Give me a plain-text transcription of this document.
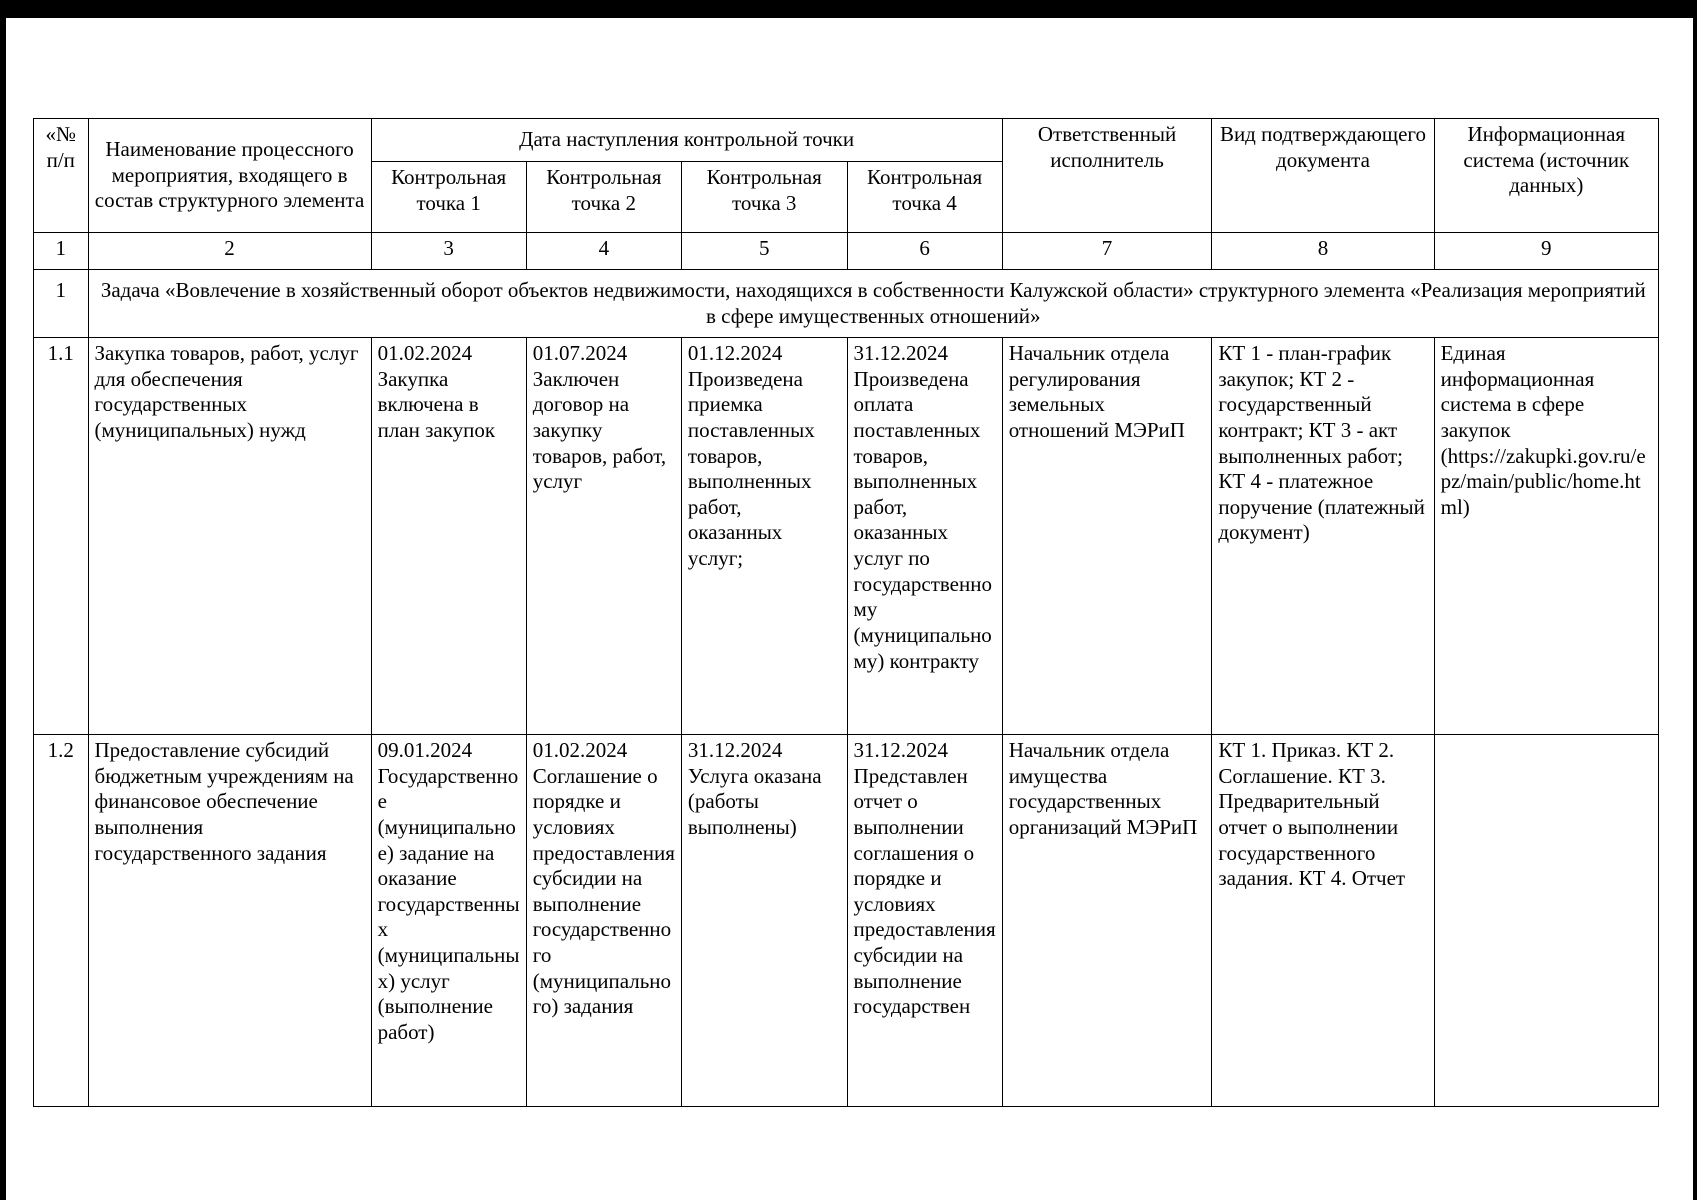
«№ п/п	Наименование процессного мероприятия, входящего в состав структурного элемента	Дата наступления контрольной точки				Ответственный исполнитель	Вид подтверждающего документа	Информационная система (источник данных)
		Контрольная точка 1	Контрольная точка 2	Контрольная точка 3	Контрольная точка 4			
1	2	3	4	5	6	7	8	9
1	Задача «Вовлечение в хозяйственный оборот объектов недвижимости, находящихся в собственности Калужской области» структурного элемента «Реализация мероприятий в сфере имущественных отношений»							
1.1	Закупка товаров, работ, услуг для обеспечения государственных (муниципальных) нужд	01.02.2024 Закупка включена в план закупок	01.07.2024 Заключен договор на закупку товаров, работ, услуг	01.12.2024 Произведена приемка поставленных товаров, выполненных работ, оказанных услуг;	31.12.2024 Произведена оплата поставленных товаров, выполненных работ, оказанных услуг по государственному (муниципальному) контракту	Начальник отдела регулирования земельных отношений МЭРиП	КТ 1 - план-график закупок; КТ 2 - государственный контракт; КТ 3 - акт выполненных работ; КТ 4 - платежное поручение (платежный документ)	Единая информационная система в сфере закупок (https://zakupki.gov.ru/epz/main/public/home.html)
1.2	Предоставление субсидий бюджетным учреждениям на финансовое обеспечение выполнения государственного задания	09.01.2024 Государственное (муниципальное) задание на оказание государственных (муниципальных) услуг (выполнение работ)	01.02.2024 Соглашение о порядке и условиях предоставления субсидии на выполнение государственного (муниципального) задания	31.12.2024 Услуга оказана (работы выполнены)	31.12.2024 Представлен отчет о выполнении соглашения о порядке и условиях предоставления субсидии на выполнение государствен	Начальник отдела имущества государственных организаций МЭРиП	КТ 1. Приказ. КТ 2. Соглашение. КТ 3. Предварительный отчет о выполнении государственного задания. КТ 4. Отчет	
